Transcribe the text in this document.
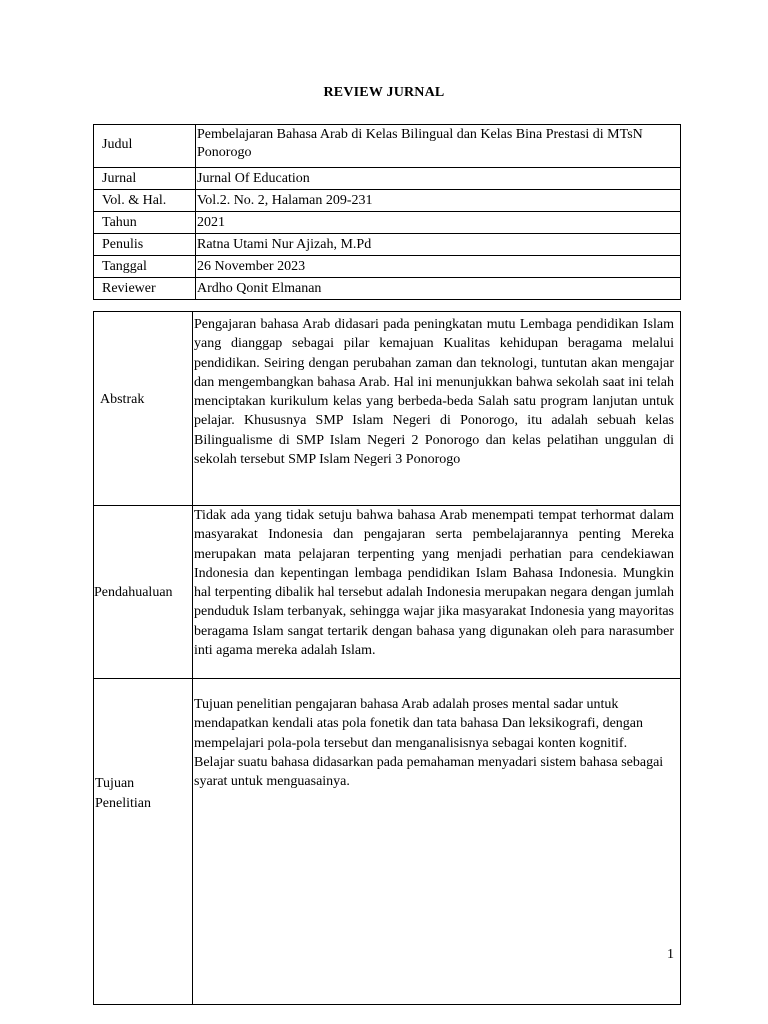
REVIEW JURNAL
Judul	Pembelajaran Bahasa Arab di Kelas Bilingual dan Kelas Bina Prestasi di MTsN Ponorogo
Jurnal	Jurnal Of Education
Vol. & Hal.	Vol.2. No. 2, Halaman 209-231
Tahun	2021
Penulis	Ratna Utami Nur Ajizah, M.Pd
Tanggal	26 November 2023
Reviewer	Ardho Qonit Elmanan
Abstrak	Pengajaran bahasa Arab didasari pada peningkatan mutu Lembaga pendidikan Islam yang dianggap sebagai pilar kemajuan Kualitas kehidupan beragama melalui pendidikan. Seiring dengan perubahan zaman dan teknologi, tuntutan akan mengajar dan mengembangkan bahasa Arab. Hal ini menunjukkan bahwa sekolah saat ini telah menciptakan kurikulum kelas yang berbeda-beda Salah satu program lanjutan untuk pelajar. Khususnya SMP Islam Negeri di Ponorogo, itu adalah sebuah kelas Bilingualisme di SMP Islam Negeri 2 Ponorogo dan kelas pelatihan unggulan di sekolah tersebut SMP Islam Negeri 3 Ponorogo
Pendahualuan	Tidak ada yang tidak setuju bahwa bahasa Arab menempati tempat terhormat dalam masyarakat Indonesia dan pengajaran serta pembelajarannya penting Mereka merupakan mata pelajaran terpenting yang menjadi perhatian para cendekiawan Indonesia dan kepentingan lembaga pendidikan Islam Bahasa Indonesia. Mungkin hal terpenting dibalik hal tersebut adalah Indonesia merupakan negara dengan jumlah penduduk Islam terbanyak, sehingga wajar jika masyarakat Indonesia yang mayoritas beragama Islam sangat tertarik dengan bahasa yang digunakan oleh para narasumber inti agama mereka adalah Islam.
Tujuan
Penelitian	Tujuan penelitian pengajaran bahasa Arab adalah proses mental sadar untuk mendapatkan kendali atas pola fonetik dan tata bahasa Dan leksikografi, dengan mempelajari pola-pola tersebut dan menganalisisnya sebagai konten kognitif. Belajar suatu bahasa didasarkan pada pemahaman menyadari sistem bahasa sebagai syarat untuk menguasainya.
1
